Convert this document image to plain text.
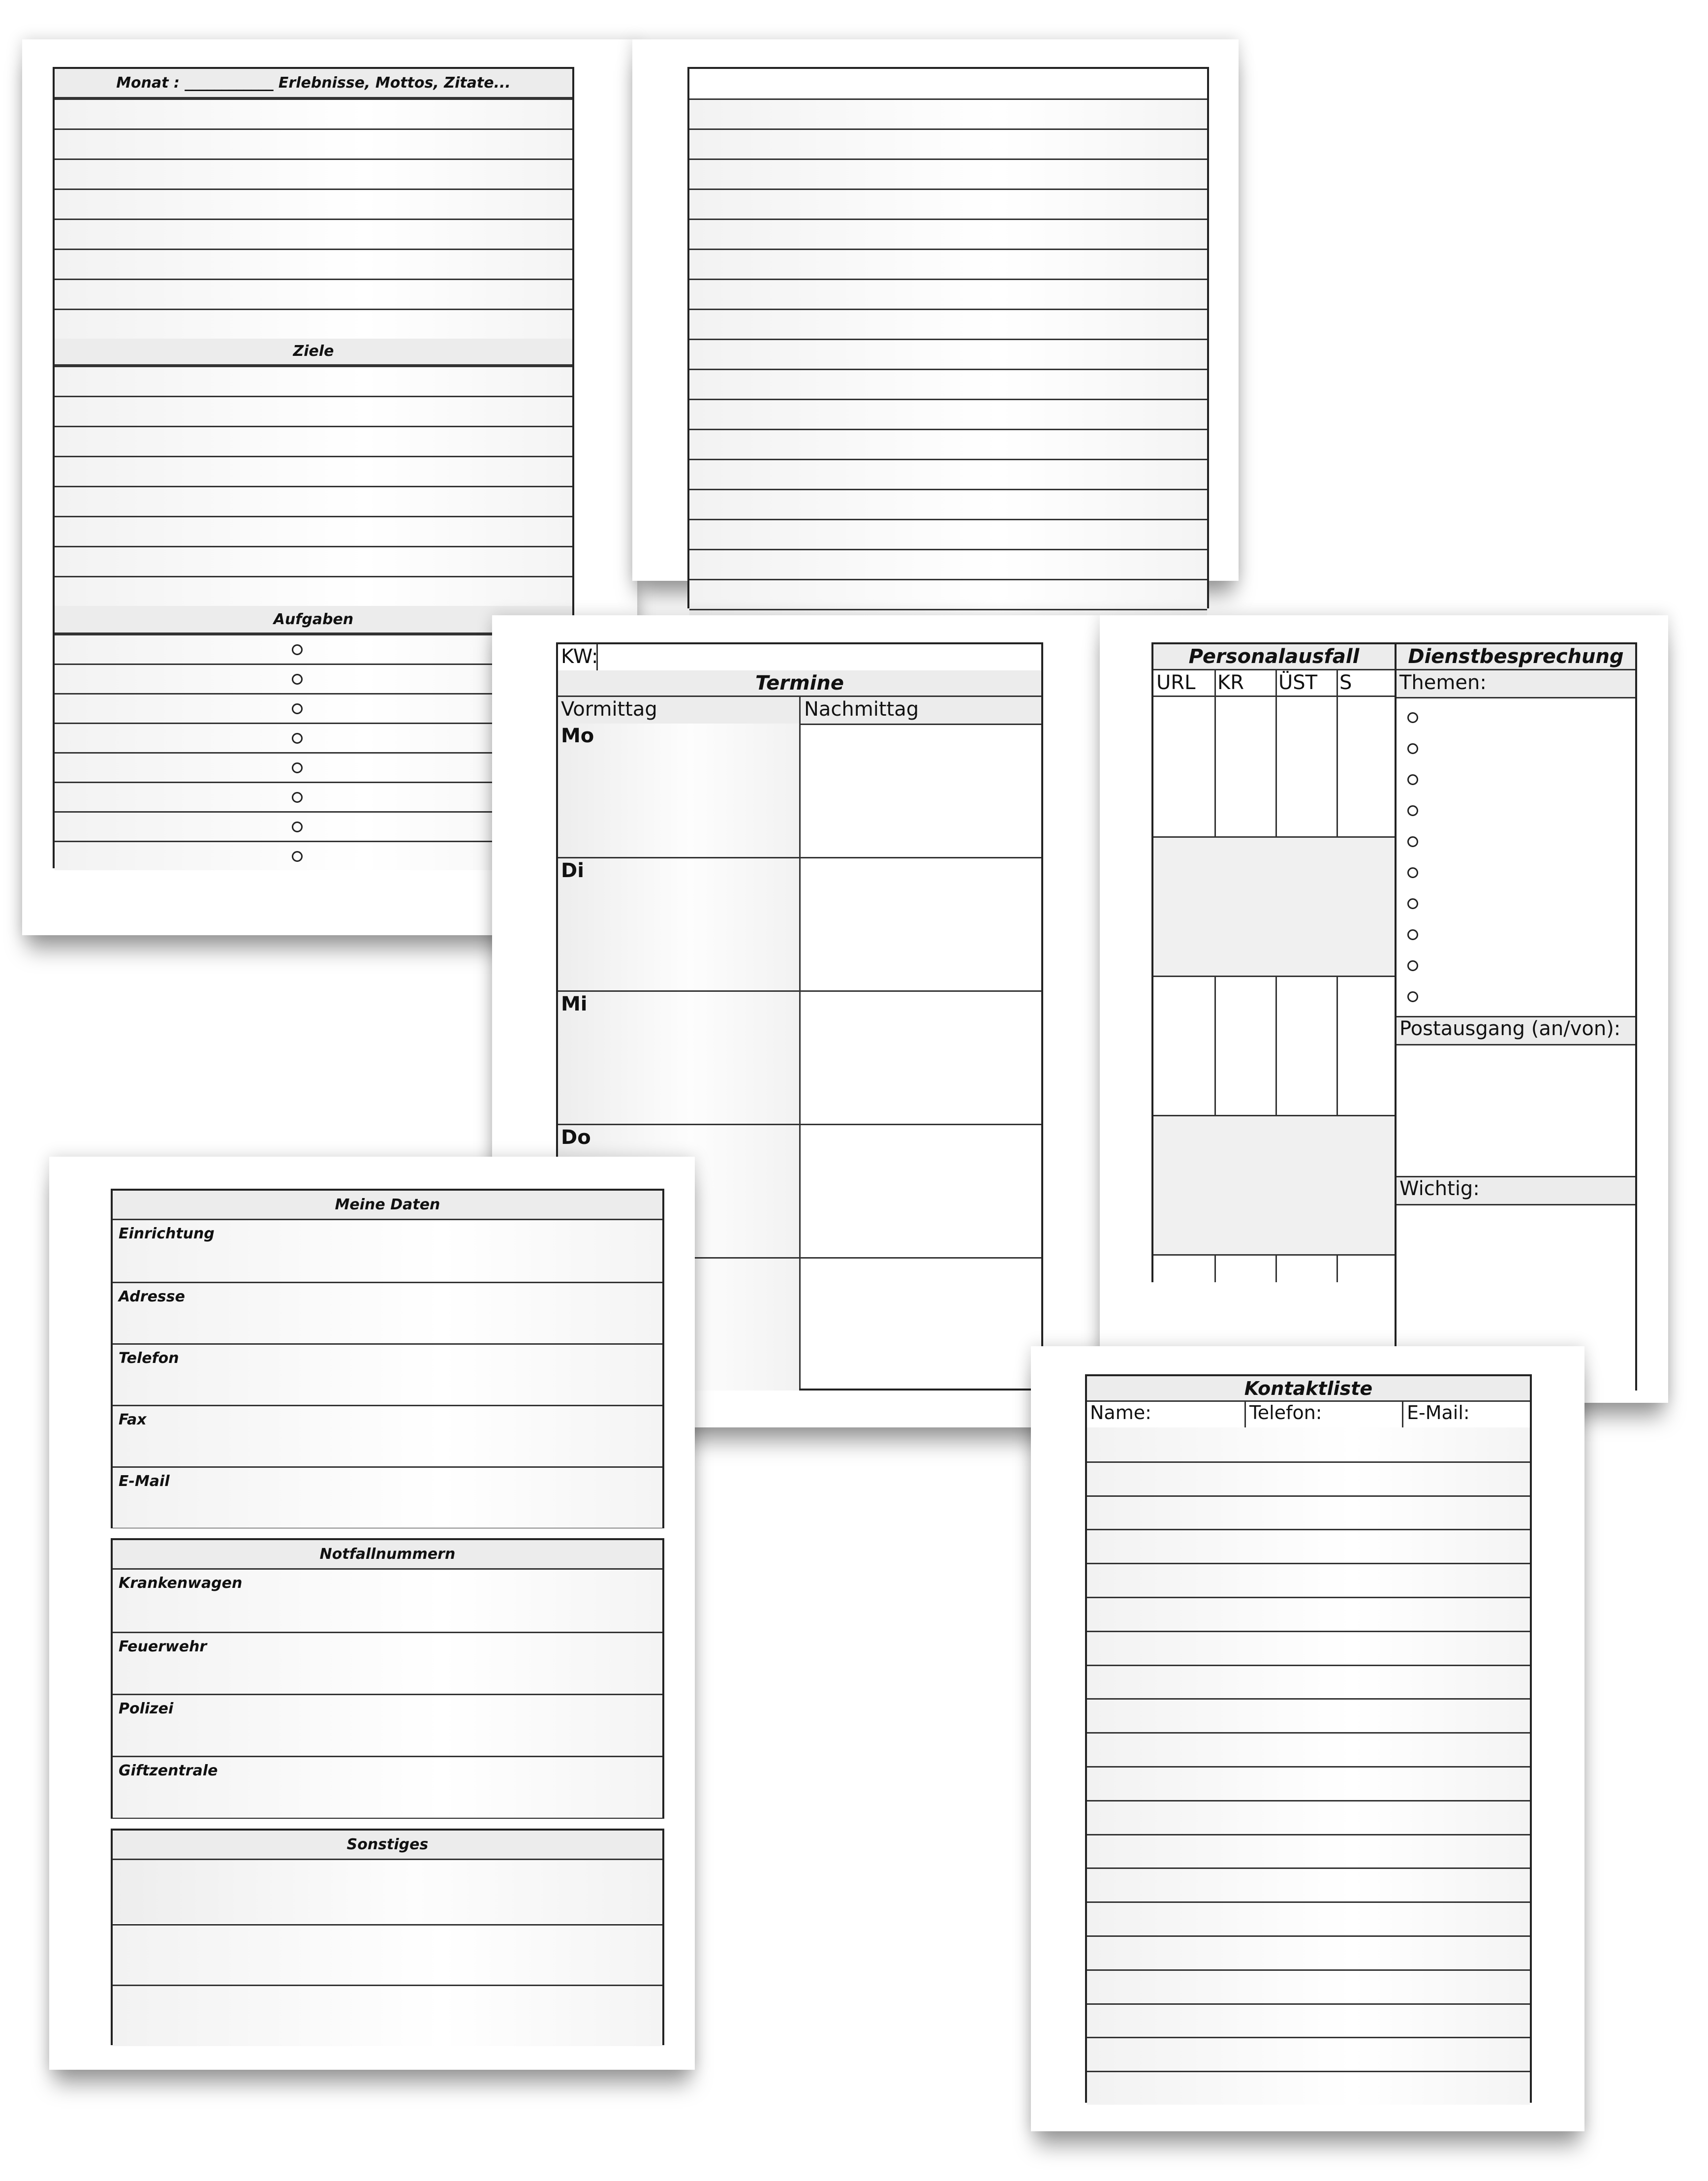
Monat : ____________ Erlebnisse, Mottos, Zitate...
Ziele
Aufgaben
KW:
Termine
Vormittag	Nachmittag
Mo
Di
Mi
Do
Personalausfall
URL KR ÜST S
Dienstbesprechung
Themen:
Postausgang (an/von):
Wichtig:
Meine Daten
Einrichtung
Adresse
Telefon
Fax
E-Mail
Notfallnummern
Krankenwagen
Feuerwehr
Polizei
Giftzentrale
Sonstiges
Kontaktliste
Name:	Telefon:	E-Mail:
